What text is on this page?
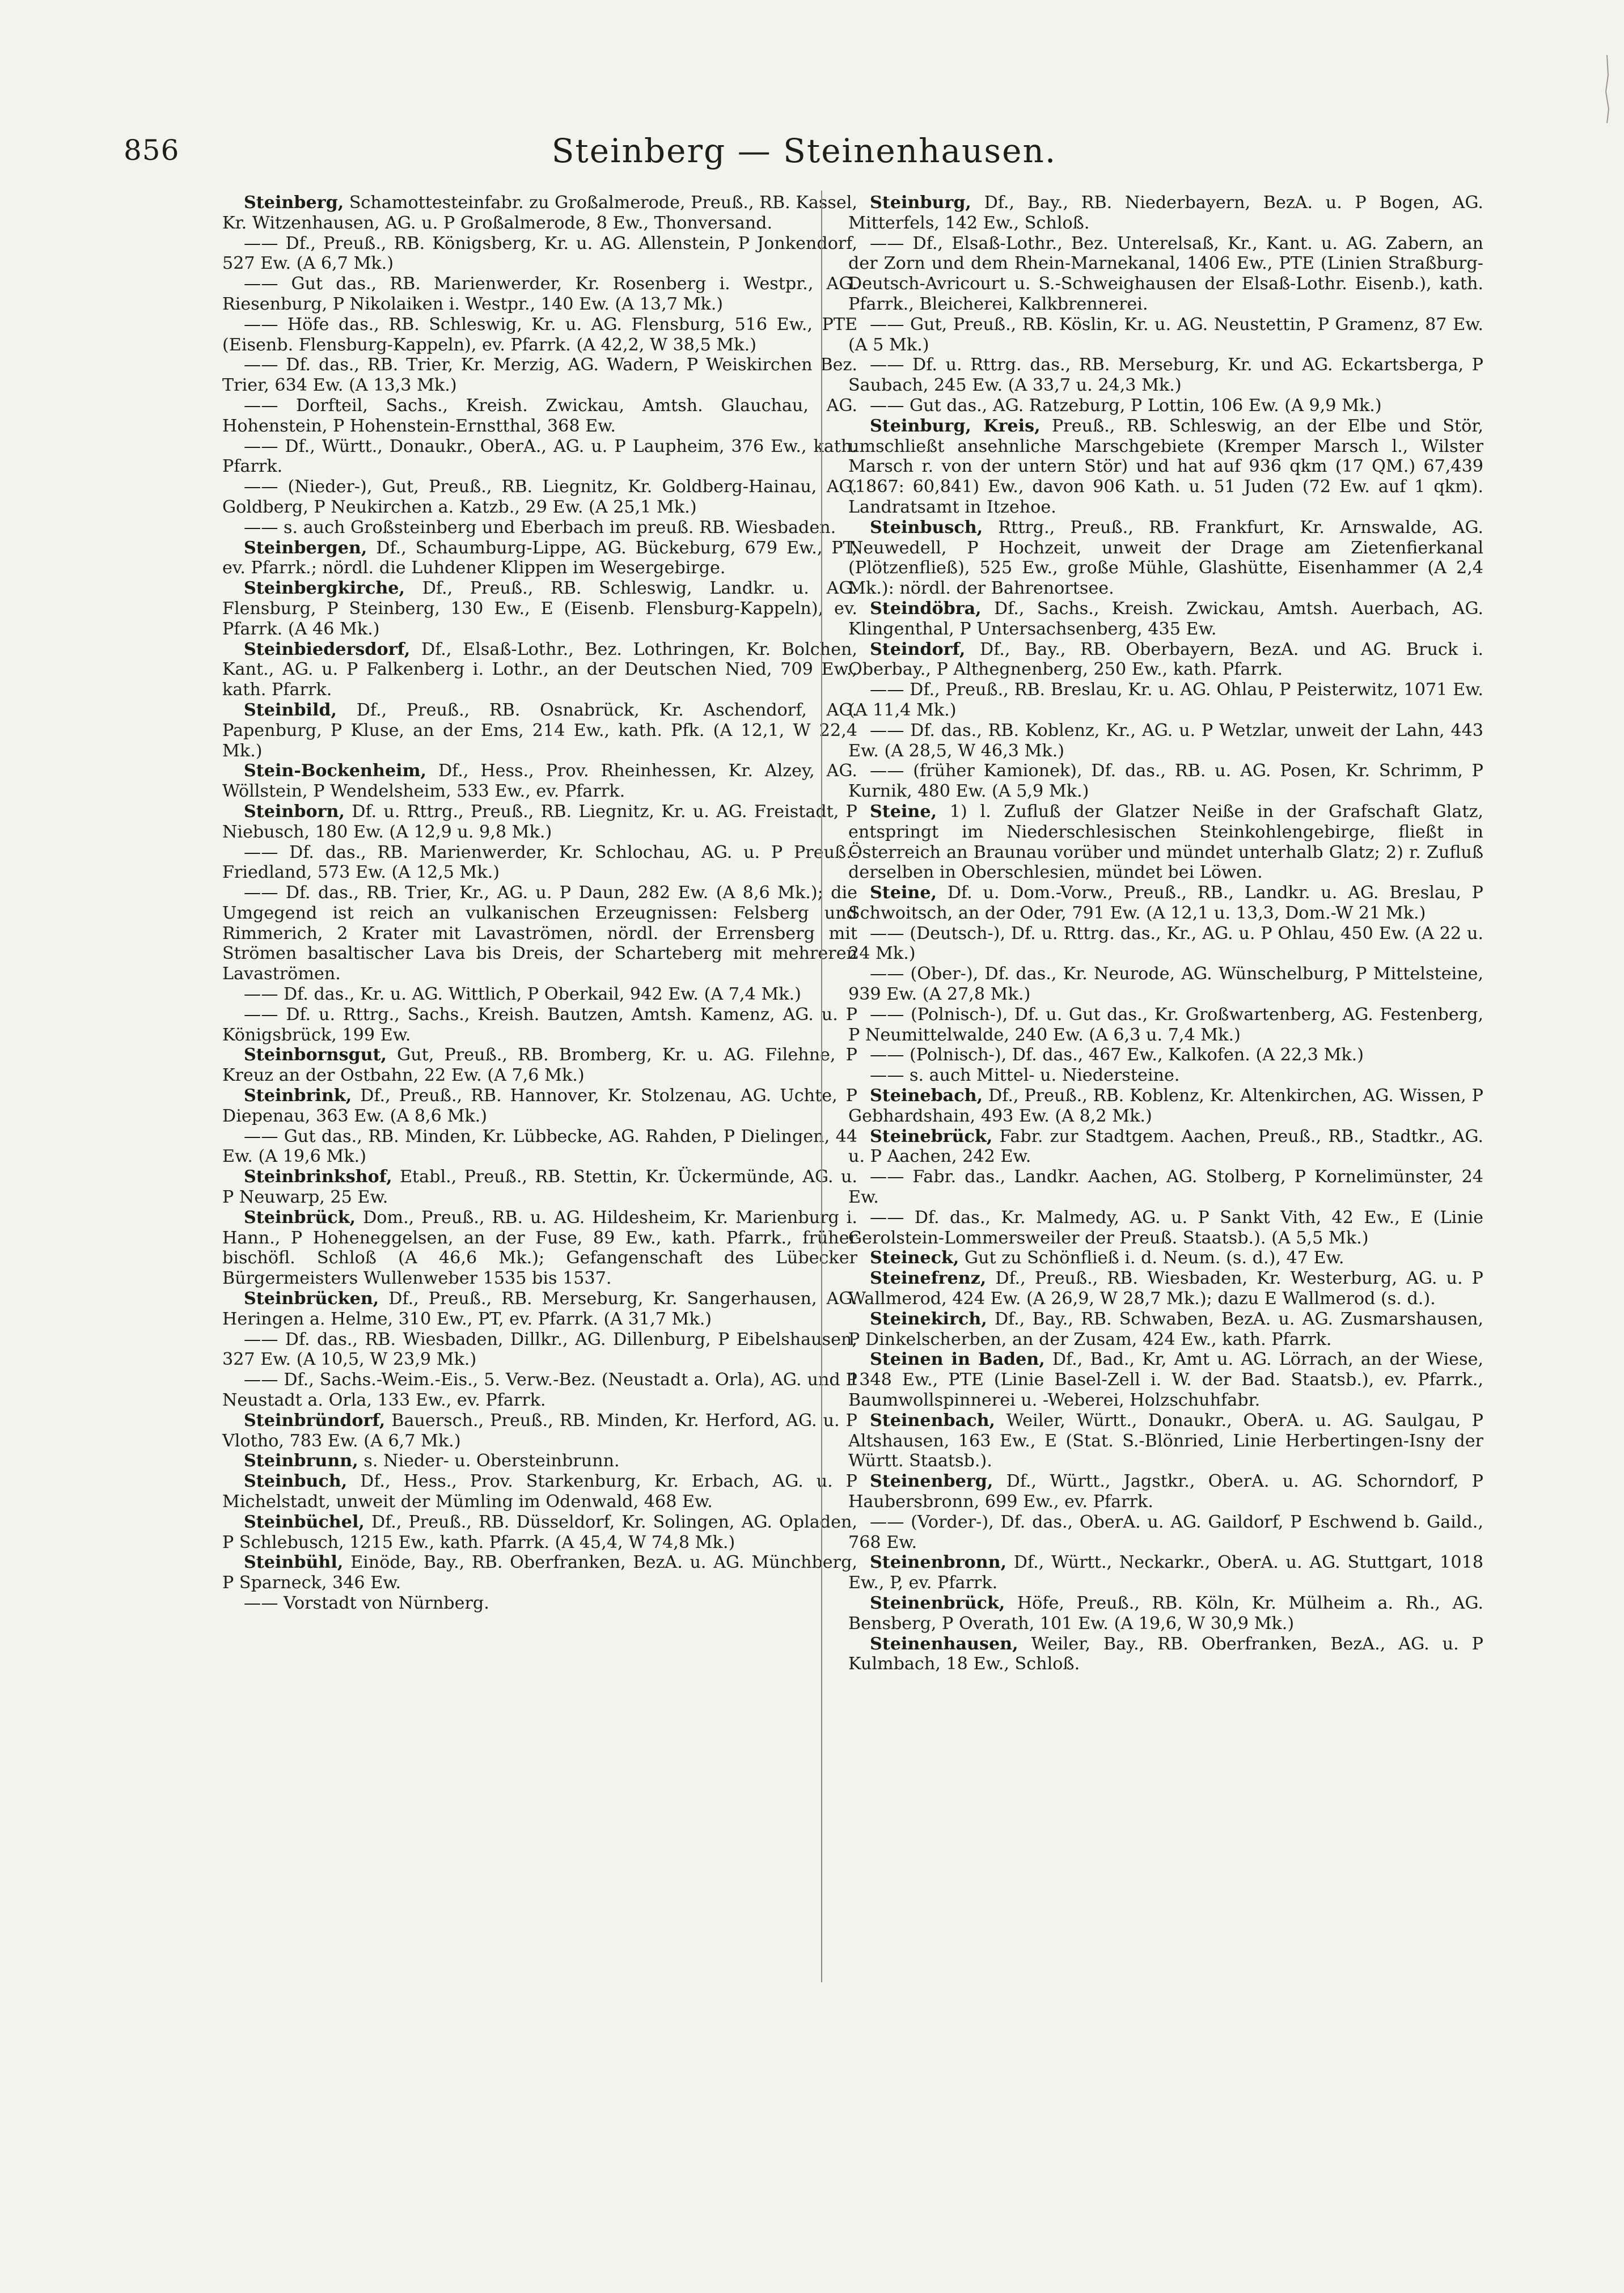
856	Steinberg — Steinenhausen.

Steinberg, Schamottesteinfabr. zu Großalmerode, Preuß., RB. Kassel, Kr. Witzenhausen, AG. u. P Großalmerode, 8 Ew., Thonversand.

—— Df., Preuß., RB. Königsberg, Kr. u. AG. Allenstein, P Jonkendorf, 527 Ew. (A 6,7 Mk.)

—— Gut das., RB. Marienwerder, Kr. Rosenberg i. Westpr., AG. Riesenburg, P Nikolaiken i. Westpr., 140 Ew. (A 13,7 Mk.)

—— Höfe das., RB. Schleswig, Kr. u. AG. Flensburg, 516 Ew., PTE (Eisenb. Flensburg-Kappeln), ev. Pfarrk. (A 42,2, W 38,5 Mk.)

—— Df. das., RB. Trier, Kr. Merzig, AG. Wadern, P Weiskirchen Bez. Trier, 634 Ew. (A 13,3 Mk.)

—— Dorfteil, Sachs., Kreish. Zwickau, Amtsh. Glauchau, AG. Hohenstein, P Hohenstein-Ernstthal, 368 Ew.

—— Df., Württ., Donaukr., OberA., AG. u. P Laupheim, 376 Ew., kath. Pfarrk.

—— (Nieder-), Gut, Preuß., RB. Liegnitz, Kr. Goldberg-Hainau, AG. Goldberg, P Neukirchen a. Katzb., 29 Ew. (A 25,1 Mk.)

—— s. auch Großsteinberg und Eberbach im preuß. RB. Wiesbaden.

Steinbergen, Df., Schaumburg-Lippe, AG. Bückeburg, 679 Ew., PT, ev. Pfarrk.; nördl. die Luhdener Klippen im Wesergebirge.

Steinbergkirche, Df., Preuß., RB. Schleswig, Landkr. u. AG. Flensburg, P Steinberg, 130 Ew., E (Eisenb. Flensburg-Kappeln), ev. Pfarrk. (A 46 Mk.)

Steinbiedersdorf, Df., Elsaß-Lothr., Bez. Lothringen, Kr. Bolchen, Kant., AG. u. P Falkenberg i. Lothr., an der Deutschen Nied, 709 Ew., kath. Pfarrk.

Steinbild, Df., Preuß., RB. Osnabrück, Kr. Aschendorf, AG. Papenburg, P Kluse, an der Ems, 214 Ew., kath. Pfk. (A 12,1, W 22,4 Mk.)

Stein-Bockenheim, Df., Hess., Prov. Rheinhessen, Kr. Alzey, AG. Wöllstein, P Wendelsheim, 533 Ew., ev. Pfarrk.

Steinborn, Df. u. Rttrg., Preuß., RB. Liegnitz, Kr. u. AG. Freistadt, P Niebusch, 180 Ew. (A 12,9 u. 9,8 Mk.)

—— Df. das., RB. Marienwerder, Kr. Schlochau, AG. u. P Preuß.-Friedland, 573 Ew. (A 12,5 Mk.)

—— Df. das., RB. Trier, Kr., AG. u. P Daun, 282 Ew. (A 8,6 Mk.); die Umgegend ist reich an vulkanischen Erzeugnissen: Felsberg und Rimmerich, 2 Krater mit Lavaströmen, nördl. der Errensberg mit Strömen basaltischer Lava bis Dreis, der Scharteberg mit mehreren Lavaströmen.

—— Df. das., Kr. u. AG. Wittlich, P Oberkail, 942 Ew. (A 7,4 Mk.)

—— Df. u. Rttrg., Sachs., Kreish. Bautzen, Amtsh. Kamenz, AG. u. P Königsbrück, 199 Ew.

Steinbornsgut, Gut, Preuß., RB. Bromberg, Kr. u. AG. Filehne, P Kreuz an der Ostbahn, 22 Ew. (A 7,6 Mk.)

Steinbrink, Df., Preuß., RB. Hannover, Kr. Stolzenau, AG. Uchte, P Diepenau, 363 Ew. (A 8,6 Mk.)

—— Gut das., RB. Minden, Kr. Lübbecke, AG. Rahden, P Dielingen, 44 Ew. (A 19,6 Mk.)

Steinbrinkshof, Etabl., Preuß., RB. Stettin, Kr. Ückermünde, AG. u. P Neuwarp, 25 Ew.

Steinbrück, Dom., Preuß., RB. u. AG. Hildesheim, Kr. Marienburg i. Hann., P Hoheneggelsen, an der Fuse, 89 Ew., kath. Pfarrk., früher bischöfl. Schloß (A 46,6 Mk.); Gefangenschaft des Lübecker Bürgermeisters Wullenweber 1535 bis 1537.

Steinbrücken, Df., Preuß., RB. Merseburg, Kr. Sangerhausen, AG. Heringen a. Helme, 310 Ew., PT, ev. Pfarrk. (A 31,7 Mk.)

—— Df. das., RB. Wiesbaden, Dillkr., AG. Dillenburg, P Eibelshausen, 327 Ew. (A 10,5, W 23,9 Mk.)

—— Df., Sachs.-Weim.-Eis., 5. Verw.-Bez. (Neustadt a. Orla), AG. und P Neustadt a. Orla, 133 Ew., ev. Pfarrk.

Steinbründorf, Bauersch., Preuß., RB. Minden, Kr. Herford, AG. u. P Vlotho, 783 Ew. (A 6,7 Mk.)

Steinbrunn, s. Nieder- u. Obersteinbrunn.

Steinbuch, Df., Hess., Prov. Starkenburg, Kr. Erbach, AG. u. P Michelstadt, unweit der Mümling im Odenwald, 468 Ew.

Steinbüchel, Df., Preuß., RB. Düsseldorf, Kr. Solingen, AG. Opladen, P Schlebusch, 1215 Ew., kath. Pfarrk. (A 45,4, W 74,8 Mk.)

Steinbühl, Einöde, Bay., RB. Oberfranken, BezA. u. AG. Münchberg, P Sparneck, 346 Ew.

—— Vorstadt von Nürnberg.

Steinburg, Df., Bay., RB. Niederbayern, BezA. u. P Bogen, AG. Mitterfels, 142 Ew., Schloß.

—— Df., Elsaß-Lothr., Bez. Unterelsaß, Kr., Kant. u. AG. Zabern, an der Zorn und dem Rhein-Marnekanal, 1406 Ew., PTE (Linien Straßburg-Deutsch-Avricourt u. S.-Schweighausen der Elsaß-Lothr. Eisenb.), kath. Pfarrk., Bleicherei, Kalkbrennerei.

—— Gut, Preuß., RB. Köslin, Kr. u. AG. Neustettin, P Gramenz, 87 Ew. (A 5 Mk.)

—— Df. u. Rttrg. das., RB. Merseburg, Kr. und AG. Eckartsberga, P Saubach, 245 Ew. (A 33,7 u. 24,3 Mk.)

—— Gut das., AG. Ratzeburg, P Lottin, 106 Ew. (A 9,9 Mk.)

Steinburg, Kreis, Preuß., RB. Schleswig, an der Elbe und Stör, umschließt ansehnliche Marschgebiete (Kremper Marsch l., Wilster Marsch r. von der untern Stör) und hat auf 936 qkm (17 QM.) 67,439 (1867: 60,841) Ew., davon 906 Kath. u. 51 Juden (72 Ew. auf 1 qkm). Landratsamt in Itzehoe.

Steinbusch, Rttrg., Preuß., RB. Frankfurt, Kr. Arnswalde, AG. Neuwedell, P Hochzeit, unweit der Drage am Zietenfierkanal (Plötzenfließ), 525 Ew., große Mühle, Glashütte, Eisenhammer (A 2,4 Mk.): nördl. der Bahrenortsee.

Steindöbra, Df., Sachs., Kreish. Zwickau, Amtsh. Auerbach, AG. Klingenthal, P Untersachsenberg, 435 Ew.

Steindorf, Df., Bay., RB. Oberbayern, BezA. und AG. Bruck i. Oberbay., P Althegnenberg, 250 Ew., kath. Pfarrk.

—— Df., Preuß., RB. Breslau, Kr. u. AG. Ohlau, P Peisterwitz, 1071 Ew. (A 11,4 Mk.)

—— Df. das., RB. Koblenz, Kr., AG. u. P Wetzlar, unweit der Lahn, 443 Ew. (A 28,5, W 46,3 Mk.)

—— (früher Kamionek), Df. das., RB. u. AG. Posen, Kr. Schrimm, P Kurnik, 480 Ew. (A 5,9 Mk.)

Steine, 1) l. Zufluß der Glatzer Neiße in der Grafschaft Glatz, entspringt im Niederschlesischen Steinkohlengebirge, fließt in Österreich an Braunau vorüber und mündet unterhalb Glatz; 2) r. Zufluß derselben in Oberschlesien, mündet bei Löwen.

Steine, Df. u. Dom.-Vorw., Preuß., RB., Landkr. u. AG. Breslau, P Schwoitsch, an der Oder, 791 Ew. (A 12,1 u. 13,3, Dom.-W 21 Mk.)

—— (Deutsch-), Df. u. Rttrg. das., Kr., AG. u. P Ohlau, 450 Ew. (A 22 u. 24 Mk.)

—— (Ober-), Df. das., Kr. Neurode, AG. Wünschelburg, P Mittelsteine, 939 Ew. (A 27,8 Mk.)

—— (Polnisch-), Df. u. Gut das., Kr. Großwartenberg, AG. Festenberg, P Neumittelwalde, 240 Ew. (A 6,3 u. 7,4 Mk.)

—— (Polnisch-), Df. das., 467 Ew., Kalkofen. (A 22,3 Mk.)

—— s. auch Mittel- u. Niedersteine.

Steinebach, Df., Preuß., RB. Koblenz, Kr. Altenkirchen, AG. Wissen, P Gebhardshain, 493 Ew. (A 8,2 Mk.)

Steinebrück, Fabr. zur Stadtgem. Aachen, Preuß., RB., Stadtkr., AG. u. P Aachen, 242 Ew.

—— Fabr. das., Landkr. Aachen, AG. Stolberg, P Kornelimünster, 24 Ew.

—— Df. das., Kr. Malmedy, AG. u. P Sankt Vith, 42 Ew., E (Linie Gerolstein-Lommersweiler der Preuß. Staatsb.). (A 5,5 Mk.)

Steineck, Gut zu Schönfließ i. d. Neum. (s. d.), 47 Ew.

Steinefrenz, Df., Preuß., RB. Wiesbaden, Kr. Westerburg, AG. u. P Wallmerod, 424 Ew. (A 26,9, W 28,7 Mk.); dazu E Wallmerod (s. d.).

Steinekirch, Df., Bay., RB. Schwaben, BezA. u. AG. Zusmarshausen, P Dinkelscherben, an der Zusam, 424 Ew., kath. Pfarrk.

Steinen in Baden, Df., Bad., Kr, Amt u. AG. Lörrach, an der Wiese, 1348 Ew., PTE (Linie Basel-Zell i. W. der Bad. Staatsb.), ev. Pfarrk., Baumwollspinnerei u. -Weberei, Holzschuhfabr.

Steinenbach, Weiler, Württ., Donaukr., OberA. u. AG. Saulgau, P Altshausen, 163 Ew., E (Stat. S.-Blönried, Linie Herbertingen-Isny der Württ. Staatsb.).

Steinenberg, Df., Württ., Jagstkr., OberA. u. AG. Schorndorf, P Haubersbronn, 699 Ew., ev. Pfarrk.

—— (Vorder-), Df. das., OberA. u. AG. Gaildorf, P Eschwend b. Gaild., 768 Ew.

Steinenbronn, Df., Württ., Neckarkr., OberA. u. AG. Stuttgart, 1018 Ew., P, ev. Pfarrk.

Steinenbrück, Höfe, Preuß., RB. Köln, Kr. Mülheim a. Rh., AG. Bensberg, P Overath, 101 Ew. (A 19,6, W 30,9 Mk.)

Steinenhausen, Weiler, Bay., RB. Oberfranken, BezA., AG. u. P Kulmbach, 18 Ew., Schloß.
